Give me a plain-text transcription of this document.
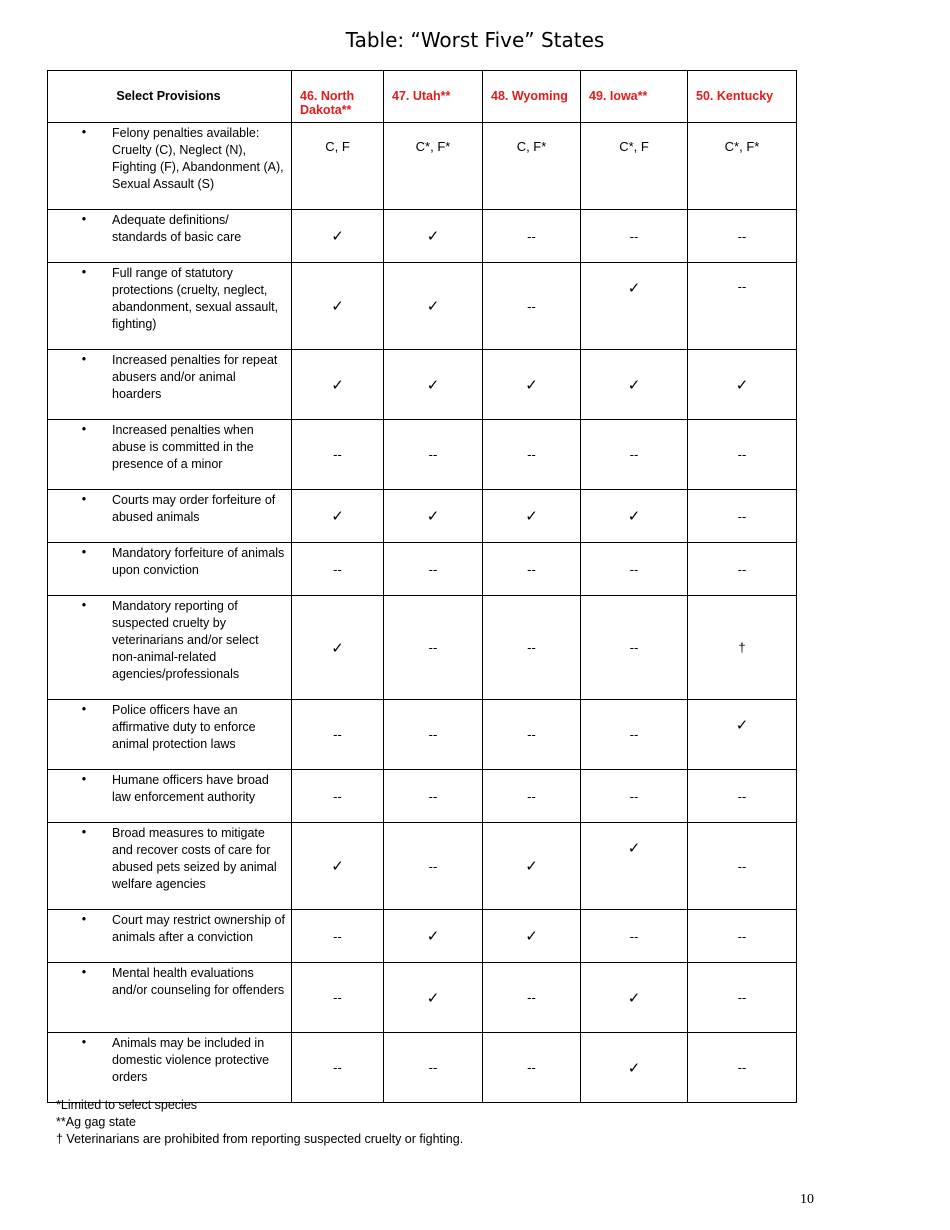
Table: “Worst Five” States
Select Provisions	46. North Dakota**	47. Utah**	48. Wyoming	49. Iowa**	50. Kentucky

• Felony penalties available: Cruelty (C), Neglect (N), Fighting (F), Abandonment (A), Sexual Assault (S)	C, F	C*, F*	C, F*	C*, F	C*, F*

• Adequate definitions/ standards of basic care	✓	✓	--	--	--

• Full range of statutory protections (cruelty, neglect, abandonment, sexual assault, fighting)	✓	✓	--	✓	--

• Increased penalties for repeat abusers and/or animal hoarders	✓	✓	✓	✓	✓

• Increased penalties when abuse is committed in the presence of a minor	--	--	--	--	--

• Courts may order forfeiture of abused animals	✓	✓	✓	✓	--

• Mandatory forfeiture of animals upon conviction	--	--	--	--	--

• Mandatory reporting of suspected cruelty by veterinarians and/or select non-animal-related agencies/professionals	✓	--	--	--	†

• Police officers have an affirmative duty to enforce animal protection laws	--	--	--	--	✓

• Humane officers have broad law enforcement authority	--	--	--	--	--

• Broad measures to mitigate and recover costs of care for abused pets seized by animal welfare agencies	✓	--	✓	✓	--

• Court may restrict ownership of animals after a conviction	--	✓	✓	--	--

• Mental health evaluations and/or counseling for offenders	--	✓	--	✓	--

• Animals may be included in domestic violence protective orders	--	--	--	✓	--
*Limited to select species
**Ag gag state
† Veterinarians are prohibited from reporting suspected cruelty or fighting.
10
